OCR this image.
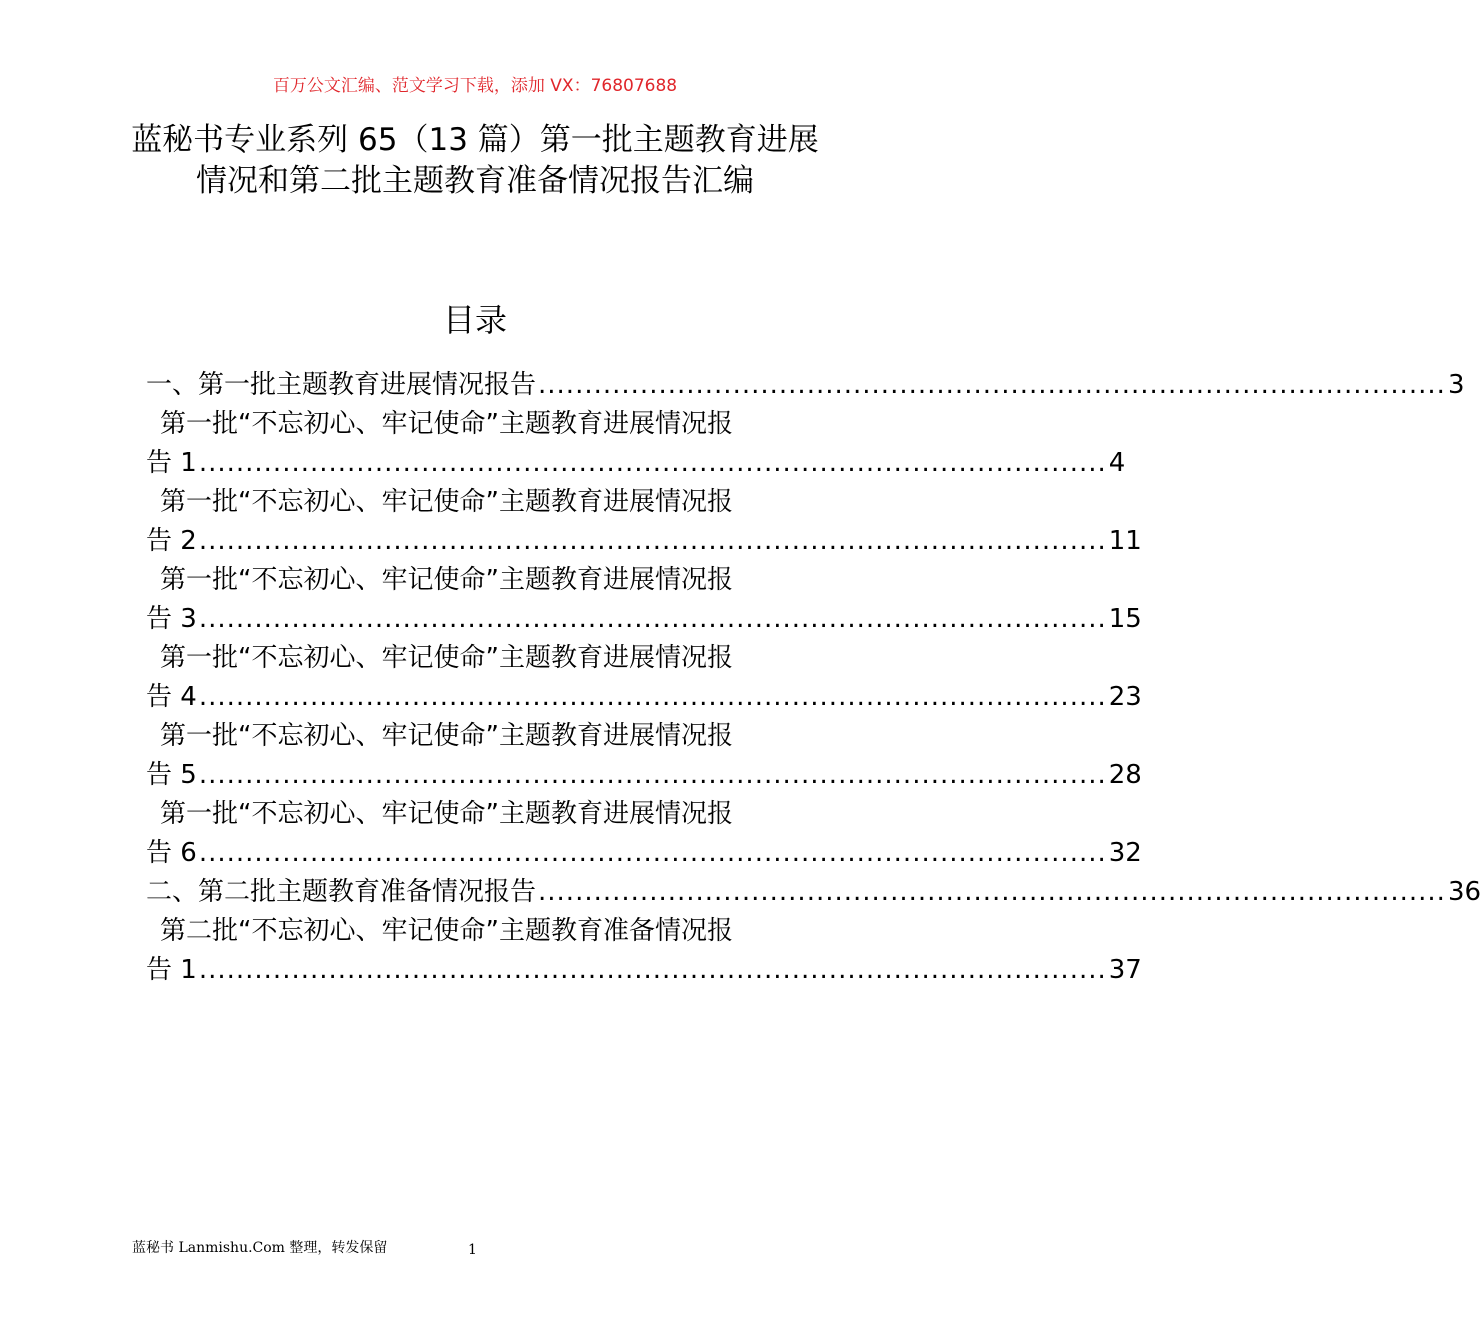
百万公文汇编、范文学习下载，添加 VX：76807688
蓝秘书专业系列 65（13 篇）第一批主题教育进展情况和第二批主题教育准备情况报告汇编
目录
一、第一批主题教育进展情况报告 .................................................................................................. 3
第一批“不忘初心、牢记使命”主题教育进展情况报
告 1 .................................................................................................. 4
第一批“不忘初心、牢记使命”主题教育进展情况报
告 2 .................................................................................................. 11
第一批“不忘初心、牢记使命”主题教育进展情况报
告 3 .................................................................................................. 15
第一批“不忘初心、牢记使命”主题教育进展情况报
告 4 .................................................................................................. 23
第一批“不忘初心、牢记使命”主题教育进展情况报
告 5 .................................................................................................. 28
第一批“不忘初心、牢记使命”主题教育进展情况报
告 6 .................................................................................................. 32
二、第二批主题教育准备情况报告 .................................................................................................. 36
第二批“不忘初心、牢记使命”主题教育准备情况报
告 1 .................................................................................................. 37
蓝秘书 Lanmishu.Com 整理，转发保留	1
